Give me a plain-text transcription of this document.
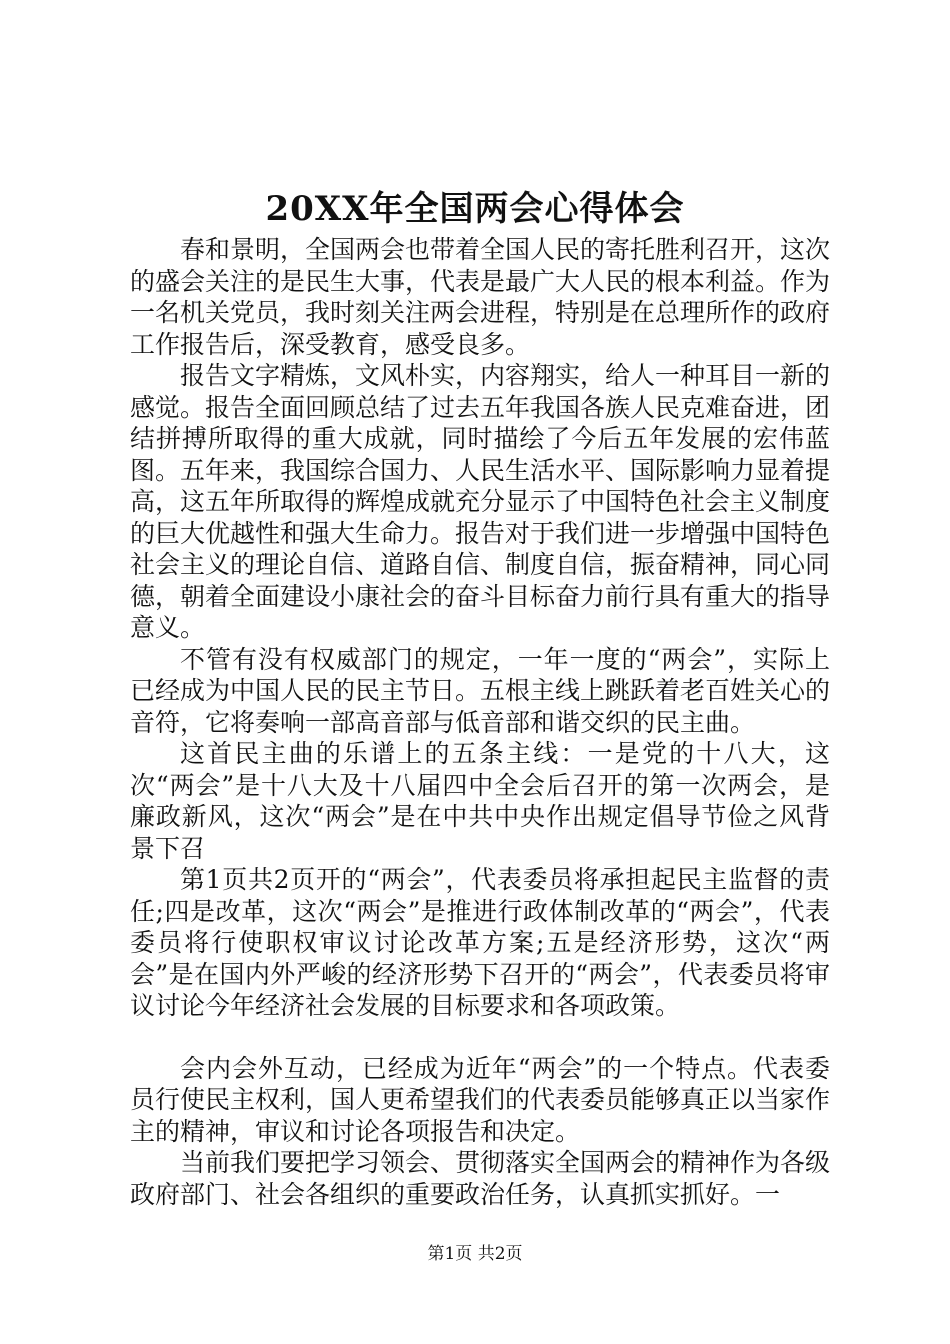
20XX年全国两会心得体会

春和景明，全国两会也带着全国人民的寄托胜利召开，这次的盛会关注的是民生大事，代表是最广大人民的根本利益。作为一名机关党员，我时刻关注两会进程，特别是在总理所作的政府工作报告后，深受教育，感受良多。

报告文字精炼，文风朴实，内容翔实，给人一种耳目一新的感觉。报告全面回顾总结了过去五年我国各族人民克难奋进，团结拼搏所取得的重大成就，同时描绘了今后五年发展的宏伟蓝图。五年来，我国综合国力、人民生活水平、国际影响力显着提高，这五年所取得的辉煌成就充分显示了中国特色社会主义制度的巨大优越性和强大生命力。报告对于我们进一步增强中国特色社会主义的理论自信、道路自信、制度自信，振奋精神，同心同德，朝着全面建设小康社会的奋斗目标奋力前行具有重大的指导意义。

不管有没有权威部门的规定，一年一度的“两会”，实际上已经成为中国人民的民主节日。五根主线上跳跃着老百姓关心的音符，它将奏响一部高音部与低音部和谐交织的民主曲。

这首民主曲的乐谱上的五条主线：一是党的十八大，这次“两会”是十八大及十八届四中全会后召开的第一次两会，是廉政新风，这次“两会”是在中共中央作出规定倡导节俭之风背景下召

第1页共2页开的“两会”，代表委员将承担起民主监督的责任;四是改革，这次“两会”是推进行政体制改革的“两会”，代表委员将行使职权审议讨论改革方案;五是经济形势，这次“两会”是在国内外严峻的经济形势下召开的“两会”，代表委员将审议讨论今年经济社会发展的目标要求和各项政策。

会内会外互动，已经成为近年“两会”的一个特点。代表委员行使民主权利，国人更希望我们的代表委员能够真正以当家作主的精神，审议和讨论各项报告和决定。

当前我们要把学习领会、贯彻落实全国两会的精神作为各级政府部门、社会各组织的重要政治任务，认真抓实抓好。一

第1页 共2页
